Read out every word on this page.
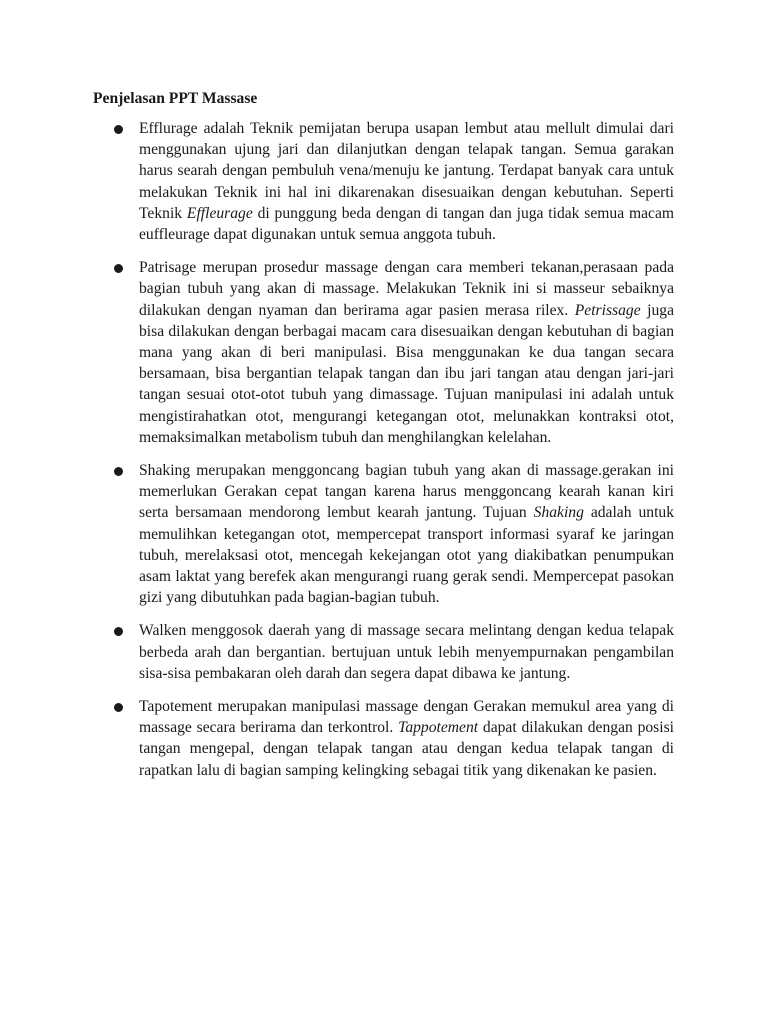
Penjelasan PPT Massase
Efflurage adalah Teknik pemijatan berupa usapan lembut atau mellult dimulai dari menggunakan ujung jari dan dilanjutkan dengan telapak tangan. Semua garakan harus searah dengan pembuluh vena/menuju ke jantung. Terdapat banyak cara untuk melakukan Teknik ini hal ini dikarenakan disesuaikan dengan kebutuhan. Seperti Teknik Effleurage di punggung beda dengan di tangan dan juga tidak semua macam euffleurage dapat digunakan untuk semua anggota tubuh.
Patrisage merupan prosedur massage dengan cara memberi tekanan,perasaan pada bagian tubuh yang akan di massage. Melakukan Teknik ini si masseur sebaiknya dilakukan dengan nyaman dan berirama agar pasien merasa rilex. Petrissage juga bisa dilakukan dengan berbagai macam cara disesuaikan dengan kebutuhan di bagian mana yang akan di beri manipulasi. Bisa menggunakan ke dua tangan secara bersamaan, bisa bergantian telapak tangan dan ibu jari tangan atau dengan jari-jari tangan sesuai otot-otot tubuh yang dimassage. Tujuan manipulasi ini adalah untuk mengistirahatkan otot, mengurangi ketegangan otot, melunakkan kontraksi otot, memaksimalkan metabolism tubuh dan menghilangkan kelelahan.
Shaking merupakan menggoncang bagian tubuh yang akan di massage.gerakan ini memerlukan Gerakan cepat tangan karena harus menggoncang kearah kanan kiri serta bersamaan mendorong lembut kearah jantung. Tujuan Shaking adalah untuk memulihkan ketegangan otot, mempercepat transport informasi syaraf ke jaringan tubuh, merelaksasi otot, mencegah kekejangan otot yang diakibatkan penumpukan asam laktat yang berefek akan mengurangi ruang gerak sendi. Mempercepat pasokan gizi yang dibutuhkan pada bagian-bagian tubuh.
Walken menggosok daerah yang di massage secara melintang dengan kedua telapak berbeda arah dan bergantian. bertujuan untuk lebih menyempurnakan pengambilan sisa-sisa pembakaran oleh darah dan segera dapat dibawa ke jantung.
Tapotement merupakan manipulasi massage dengan Gerakan memukul area yang di massage secara berirama dan terkontrol. Tappotement dapat dilakukan dengan posisi tangan mengepal, dengan telapak tangan atau dengan kedua telapak tangan di rapatkan lalu di bagian samping kelingking sebagai titik yang dikenakan ke pasien.
